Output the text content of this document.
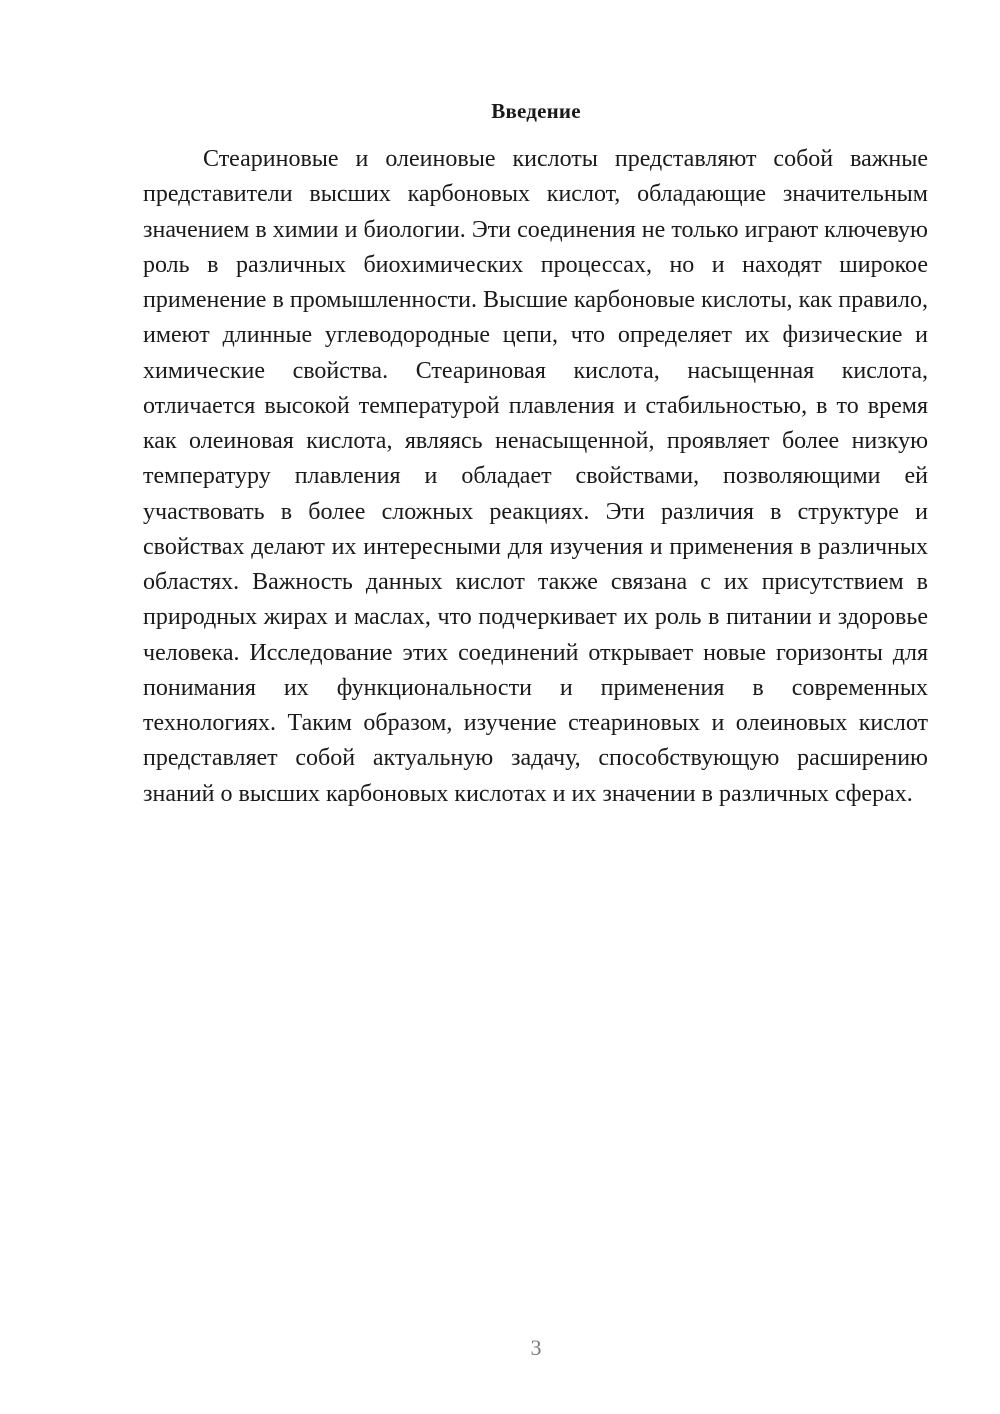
Введение

Стеариновые и олеиновые кислоты представляют собой важные представители высших карбоновых кислот, обладающие значительным значением в химии и биологии. Эти соединения не только играют ключевую роль в различных биохимических процессах, но и находят широкое применение в промышленности. Высшие карбоновые кислоты, как правило, имеют длинные углеводородные цепи, что определяет их физические и химические свойства. Стеариновая кислота, насыщенная кислота, отличается высокой температурой плавления и стабильностью, в то время как олеиновая кислота, являясь ненасыщенной, проявляет более низкую температуру плавления и обладает свойствами, позволяющими ей участвовать в более сложных реакциях. Эти различия в структуре и свойствах делают их интересными для изучения и применения в различных областях. Важность данных кислот также связана с их присутствием в природных жирах и маслах, что подчеркивает их роль в питании и здоровье человека. Исследование этих соединений открывает новые горизонты для понимания их функциональности и применения в современных технологиях. Таким образом, изучение стеариновых и олеиновых кислот представляет собой актуальную задачу, способствующую расширению знаний о высших карбоновых кислотах и их значении в различных сферах.

3
